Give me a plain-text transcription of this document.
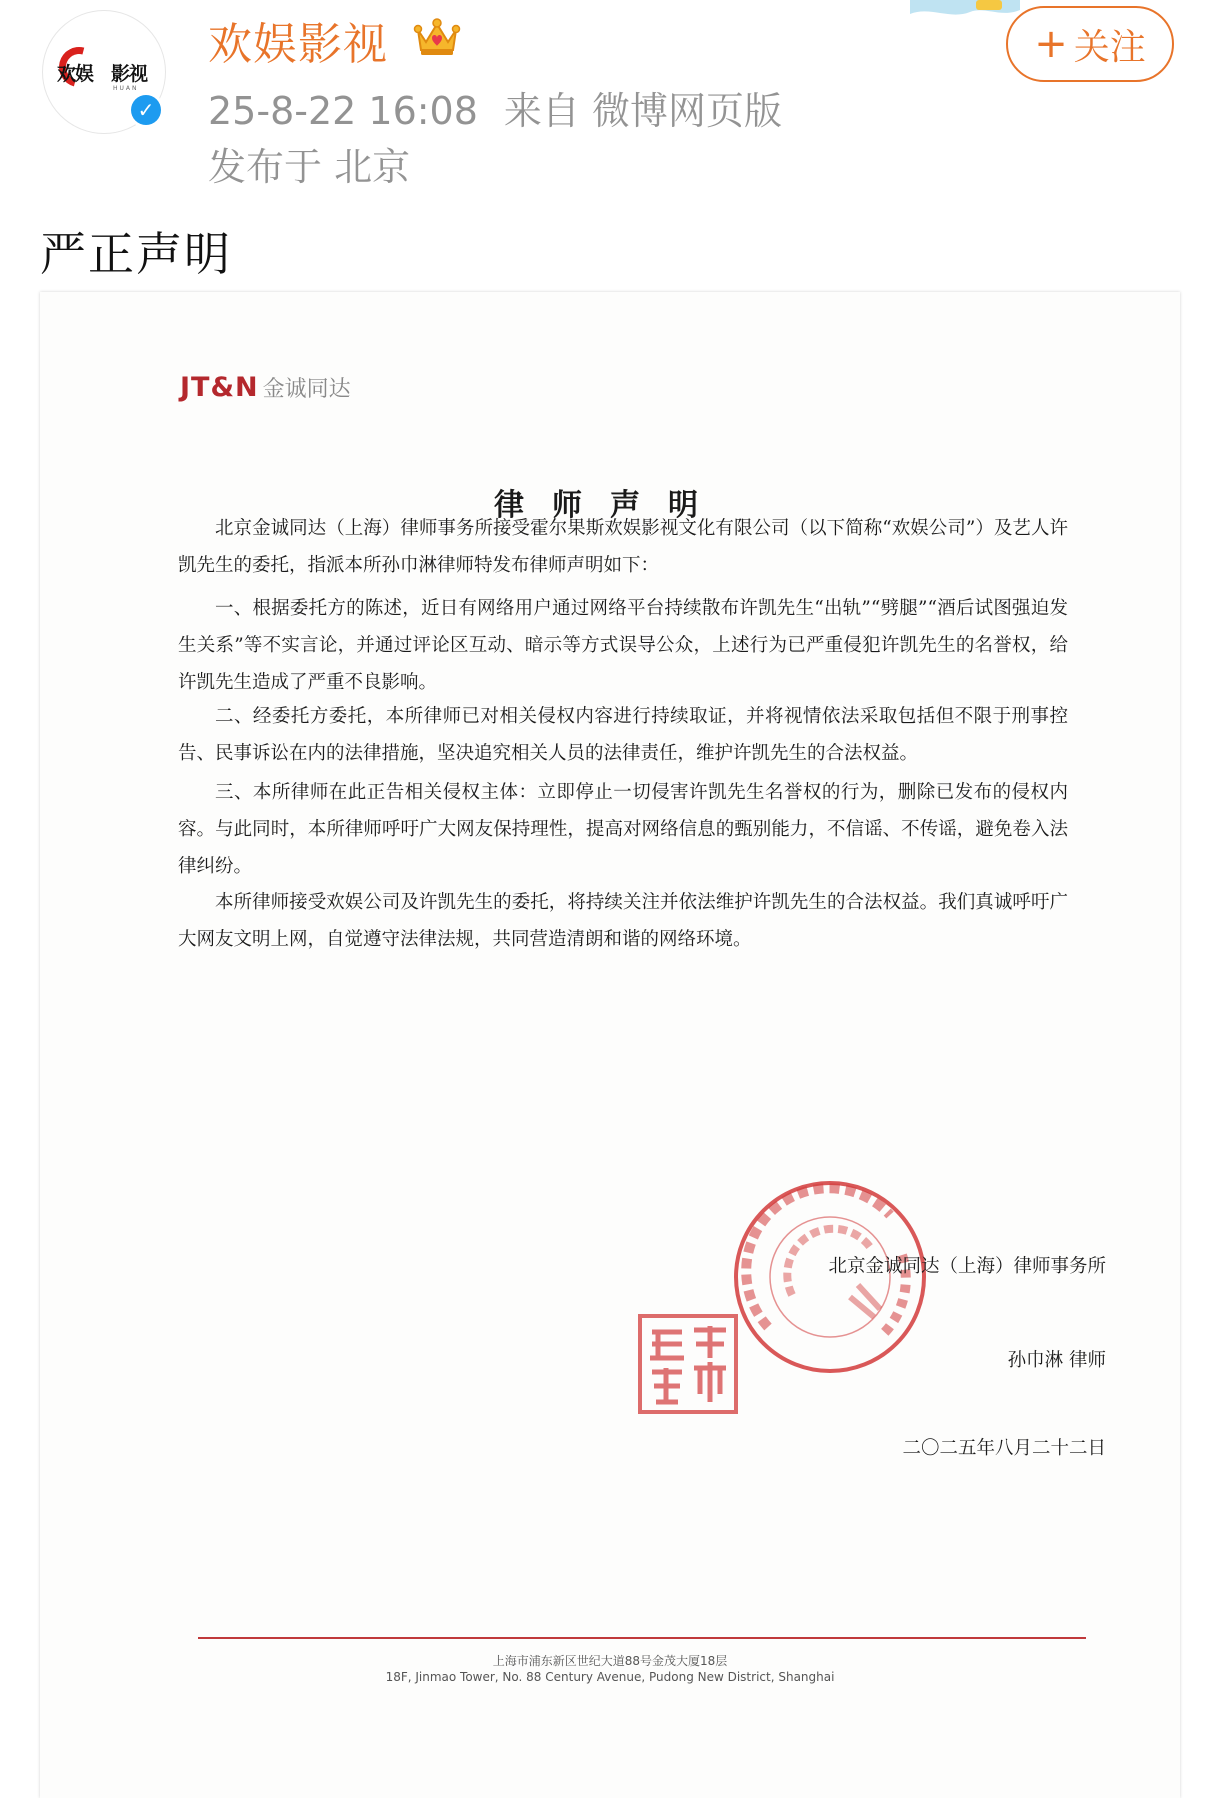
欢娱 影视
HUAN
✓
欢娱影视
25-8-22 16:08 来自 微博网页版
发布于 北京
+ 关注
严正声明
JT&N 金诚同达
律师声明
北京金诚同达（上海）律师事务所接受霍尔果斯欢娱影视文化有限公司（以下简称“欢娱公司”）及艺人许凯先生的委托，指派本所孙巾淋律师特发布律师声明如下：
一、根据委托方的陈述，近日有网络用户通过网络平台持续散布许凯先生“出轨”“劈腿”“酒后试图强迫发生关系”等不实言论，并通过评论区互动、暗示等方式误导公众，上述行为已严重侵犯许凯先生的名誉权，给许凯先生造成了严重不良影响。
二、经委托方委托，本所律师已对相关侵权内容进行持续取证，并将视情依法采取包括但不限于刑事控告、民事诉讼在内的法律措施，坚决追究相关人员的法律责任，维护许凯先生的合法权益。
三、本所律师在此正告相关侵权主体：立即停止一切侵害许凯先生名誉权的行为，删除已发布的侵权内容。与此同时，本所律师呼吁广大网友保持理性，提高对网络信息的甄别能力，不信谣、不传谣，避免卷入法律纠纷。
本所律师接受欢娱公司及许凯先生的委托，将持续关注并依法维护许凯先生的合法权益。我们真诚呼吁广大网友文明上网，自觉遵守法律法规，共同营造清朗和谐的网络环境。
北京金诚同达（上海）律师事务所
孙巾淋 律师
二〇二五年八月二十二日
上海市浦东新区世纪大道88号金茂大厦18层
18F, Jinmao Tower, No. 88 Century Avenue, Pudong New District, Shanghai
